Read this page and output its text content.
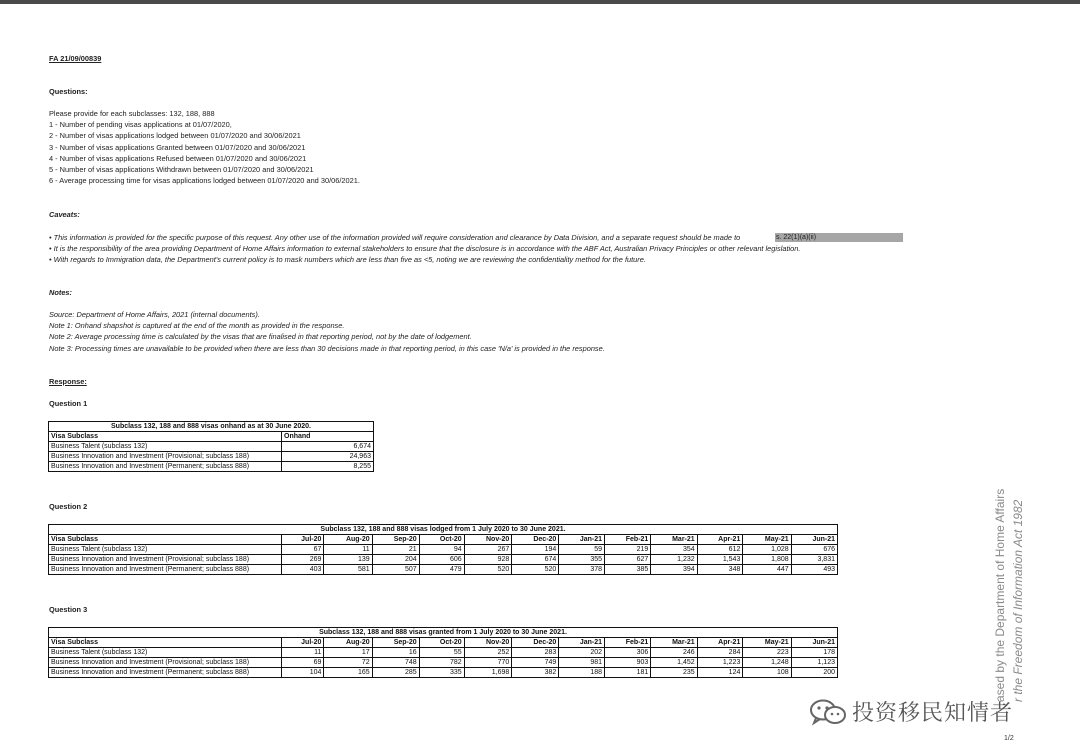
FA 21/09/00839
Questions:
Please provide for each subclasses: 132, 188, 888
1 - Number of pending visas applications at 01/07/2020,
2 - Number of visas applications lodged between 01/07/2020 and 30/06/2021
3 - Number of visas applications Granted between 01/07/2020 and 30/06/2021
4 - Number of visas applications Refused between 01/07/2020 and 30/06/2021
5 - Number of visas applications Withdrawn between 01/07/2020 and 30/06/2021
6 - Average processing time for visas applications lodged between 01/07/2020 and 30/06/2021.
Caveats:
• This information is provided for the specific purpose of this request. Any other use of the information provided will require consideration and clearance by Data Division, and a separate request should be made to
• It is the responsibility of the area providing Department of Home Affairs information to external stakeholders to ensure that the disclosure is in accordance with the ABF Act, Australian Privacy Principles or other relevant legislation.
• With regards to Immigration data, the Department's current policy is to mask numbers which are less than five as <5, noting we are reviewing the confidentiality method for the future.
s. 22(1)(a)(ii)
Notes:
Source: Department of Home Affairs, 2021 (internal documents).
Note 1: Onhand shapshot is captured at the end of the month as provided in the response.
Note 2: Average processing time is calculated by the visas that are finalised in that reporting period, not by the date of lodgement.
Note 3: Processing times are unavailable to be provided when there are less than 30 decisions made in that reporting period, in this case 'N/a' is provided in the response.
Response:
Question 1
Subclass 132, 188 and 888 visas onhand as at 30 June 2020.	
Visa Subclass	Onhand
Business Talent (subclass 132)	6,674
Business Innovation and Investment (Provisional; subclass 188)	24,963
Business Innovation and Investment (Permanent; subclass 888)	8,255
Question 2
Subclass 132, 188 and 888 visas lodged from 1 July 2020 to 30 June 2021.												
Visa Subclass	Jul-20	Aug-20	Sep-20	Oct-20	Nov-20	Dec-20	Jan-21	Feb-21	Mar-21	Apr-21	May-21	Jun-21
Business Talent (subclass 132)	67	11	21	94	267	194	59	219	354	612	1,028	676
Business Innovation and Investment (Provisional; subclass 188)	269	139	204	606	928	674	355	627	1,232	1,543	1,808	3,831
Business Innovation and Investment (Permanent; subclass 888)	403	581	507	479	520	520	378	385	394	348	447	493
Question 3
Subclass 132, 188 and 888 visas granted from 1 July 2020 to 30 June 2021.												
Visa Subclass	Jul-20	Aug-20	Sep-20	Oct-20	Nov-20	Dec-20	Jan-21	Feb-21	Mar-21	Apr-21	May-21	Jun-21
Business Talent (subclass 132)	11	17	16	55	252	283	202	306	246	284	223	178
Business Innovation and Investment (Provisional; subclass 188)	69	72	748	782	770	749	981	903	1,452	1,223	1,248	1,123
Business Innovation and Investment (Permanent; subclass 888)	104	165	285	335	1,698	382	188	181	235	124	108	200	ased by the Department of Home Affairs r the Freedom of Information Act 1982
投资移民知情者
1/2
